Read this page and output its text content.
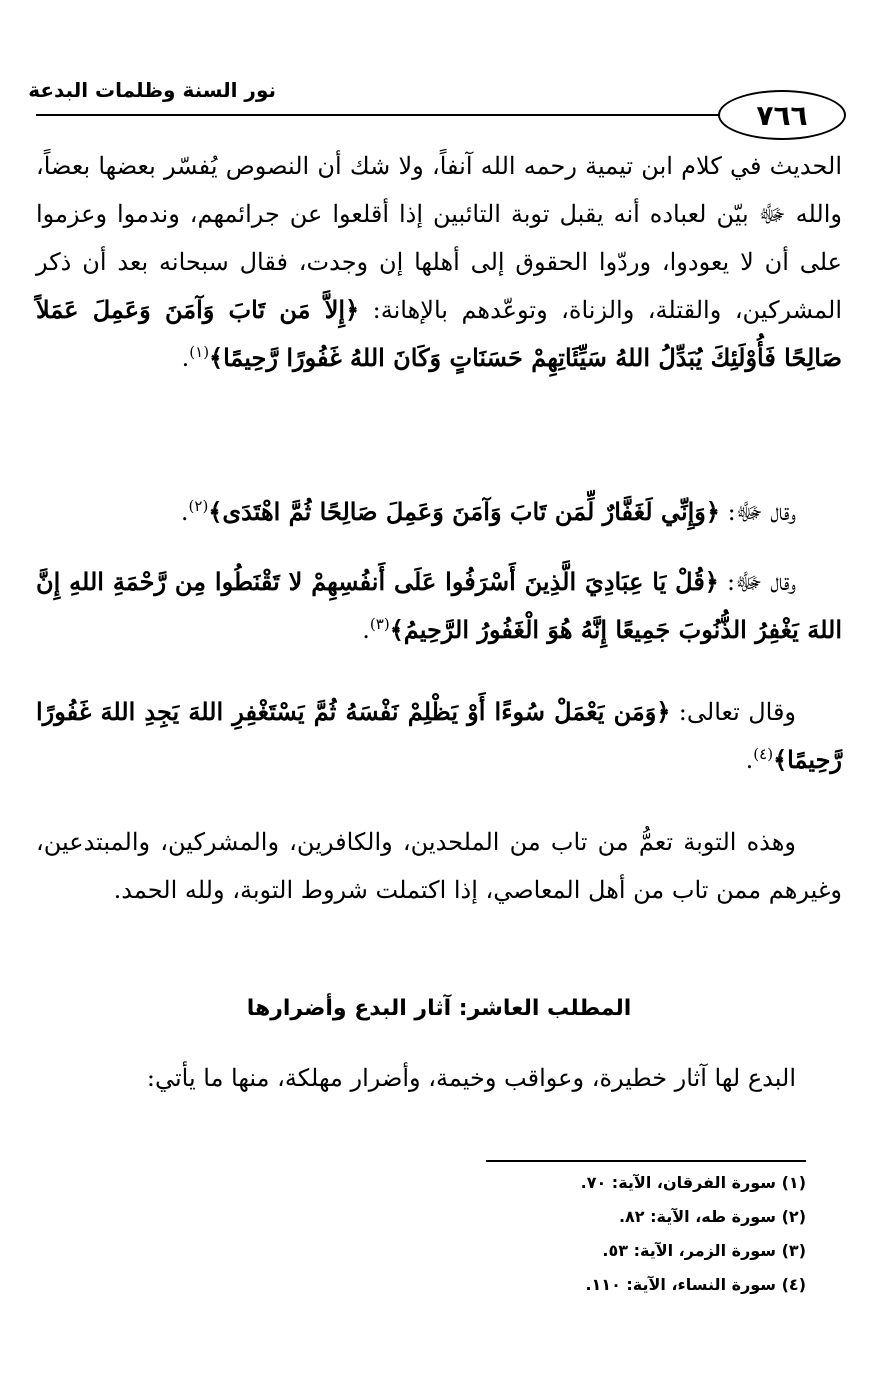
نور السنة وظلمات البدعة
٧٦٦

الحديث في كلام ابن تيمية رحمه الله آنفاً، ولا شك أن النصوص يُفسّر بعضها بعضاً، والله ﷻ بيّن لعباده أنه يقبل توبة التائبين إذا أقلعوا عن جرائمهم، وندموا وعزموا على أن لا يعودوا، وردّوا الحقوق إلى أهلها إن وجدت، فقال سبحانه بعد أن ذكر المشركين، والقتلة، والزناة، وتوعّدهم بالإهانة: ﴿إِلاَّ مَن تَابَ وَآمَنَ وَعَمِلَ عَمَلاً صَالِحًا فَأُوْلَئِكَ يُبَدِّلُ اللهُ سَيِّئَاتِهِمْ حَسَنَاتٍ وَكَانَ اللهُ غَفُورًا رَّحِيمًا﴾$^{(١)}$.

وقال ﷻ: ﴿وَإِنِّي لَغَفَّارٌ لِّمَن تَابَ وَآمَنَ وَعَمِلَ صَالِحًا ثُمَّ اهْتَدَى﴾$^{(٢)}$.

وقال ﷻ: ﴿قُلْ يَا عِبَادِيَ الَّذِينَ أَسْرَفُوا عَلَى أَنفُسِهِمْ لا تَقْنَطُوا مِن رَّحْمَةِ اللهِ إِنَّ اللهَ يَغْفِرُ الذُّنُوبَ جَمِيعًا إِنَّهُ هُوَ الْغَفُورُ الرَّحِيمُ﴾$^{(٣)}$.

وقال تعالى: ﴿وَمَن يَعْمَلْ سُوءًا أَوْ يَظْلِمْ نَفْسَهُ ثُمَّ يَسْتَغْفِرِ اللهَ يَجِدِ اللهَ غَفُورًا رَّحِيمًا﴾$^{(٤)}$.

وهذه التوبة تعمُّ من تاب من الملحدين، والكافرين، والمشركين، والمبتدعين، وغيرهم ممن تاب من أهل المعاصي، إذا اكتملت شروط التوبة، ولله الحمد.

المطلب العاشر: آثار البدع وأضرارها

البدع لها آثار خطيرة، وعواقب وخيمة، وأضرار مهلكة، منها ما يأتي:

(١) سورة الفرقان، الآية: ٧٠.
(٢) سورة طه، الآية: ٨٢.
(٣) سورة الزمر، الآية: ٥٣.
(٤) سورة النساء، الآية: ١١٠.
